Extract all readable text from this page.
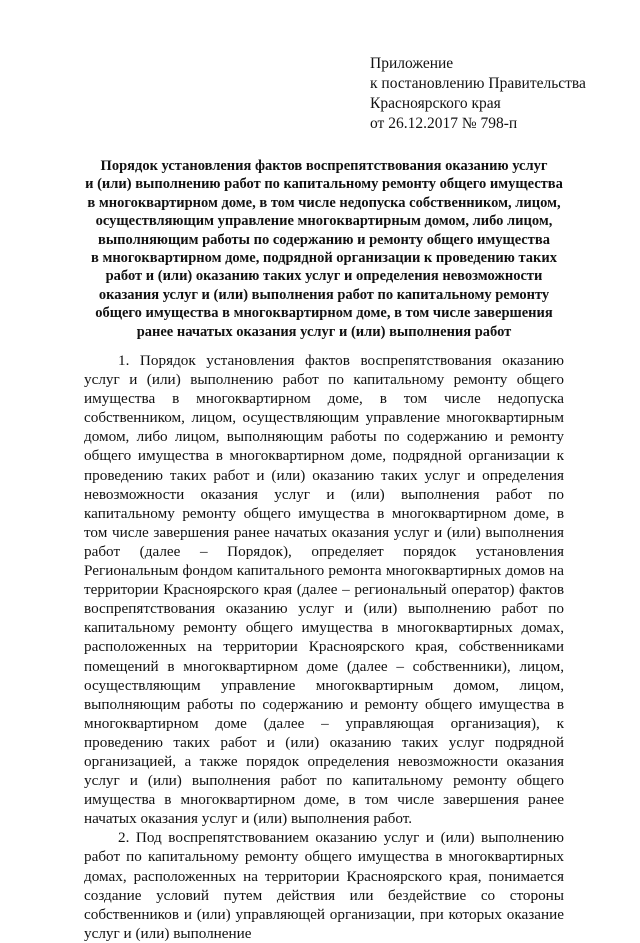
Приложение
к постановлению Правительства
Красноярского края
от 26.12.2017 № 798-п
Порядок установления фактов воспрепятствования оказанию услуг
и (или) выполнению работ по капитальному ремонту общего имущества
в многоквартирном доме, в том числе недопуска собственником, лицом,
осуществляющим управление многоквартирным домом, либо лицом,
выполняющим работы по содержанию и ремонту общего имущества
в многоквартирном доме, подрядной организации к проведению таких
работ и (или) оказанию таких услуг и определения невозможности
оказания услуг и (или) выполнения работ по капитальному ремонту
общего имущества в многоквартирном доме, в том числе завершения
ранее начатых оказания услуг и (или) выполнения работ

1. Порядок установления фактов воспрепятствования оказанию услуг и (или) выполнению работ по капитальному ремонту общего имущества в многоквартирном доме, в том числе недопуска собственником, лицом, осуществляющим управление многоквартирным домом, либо лицом, выполняющим работы по содержанию и ремонту общего имущества в многоквартирном доме, подрядной организации к проведению таких работ и (или) оказанию таких услуг и определения невозможности оказания услуг и (или) выполнения работ по капитальному ремонту общего имущества в многоквартирном доме, в том числе завершения ранее начатых оказания услуг и (или) выполнения работ (далее – Порядок), определяет порядок установления Региональным фондом капитального ремонта многоквартирных домов на территории Красноярского края (далее – региональный оператор) фактов воспрепятствования оказанию услуг и (или) выполнению работ по капитальному ремонту общего имущества в многоквартирных домах, расположенных на территории Красноярского края, собственниками помещений в многоквартирном доме (далее – собственники), лицом, осуществляющим управление многоквартирным домом, лицом, выполняющим работы по содержанию и ремонту общего имущества в многоквартирном доме (далее – управляющая организация), к проведению таких работ и (или) оказанию таких услуг подрядной организацией, а также порядок определения невозможности оказания услуг и (или) выполнения работ по капитальному ремонту общего имущества в многоквартирном доме, в том числе завершения ранее начатых оказания услуг и (или) выполнения работ.

2. Под воспрепятствованием оказанию услуг и (или) выполнению работ по капитальному ремонту общего имущества в многоквартирных домах, расположенных на территории Красноярского края, понимается создание условий путем действия или бездействие со стороны собственников и (или) управляющей организации, при которых оказание услуг и (или) выполнение
